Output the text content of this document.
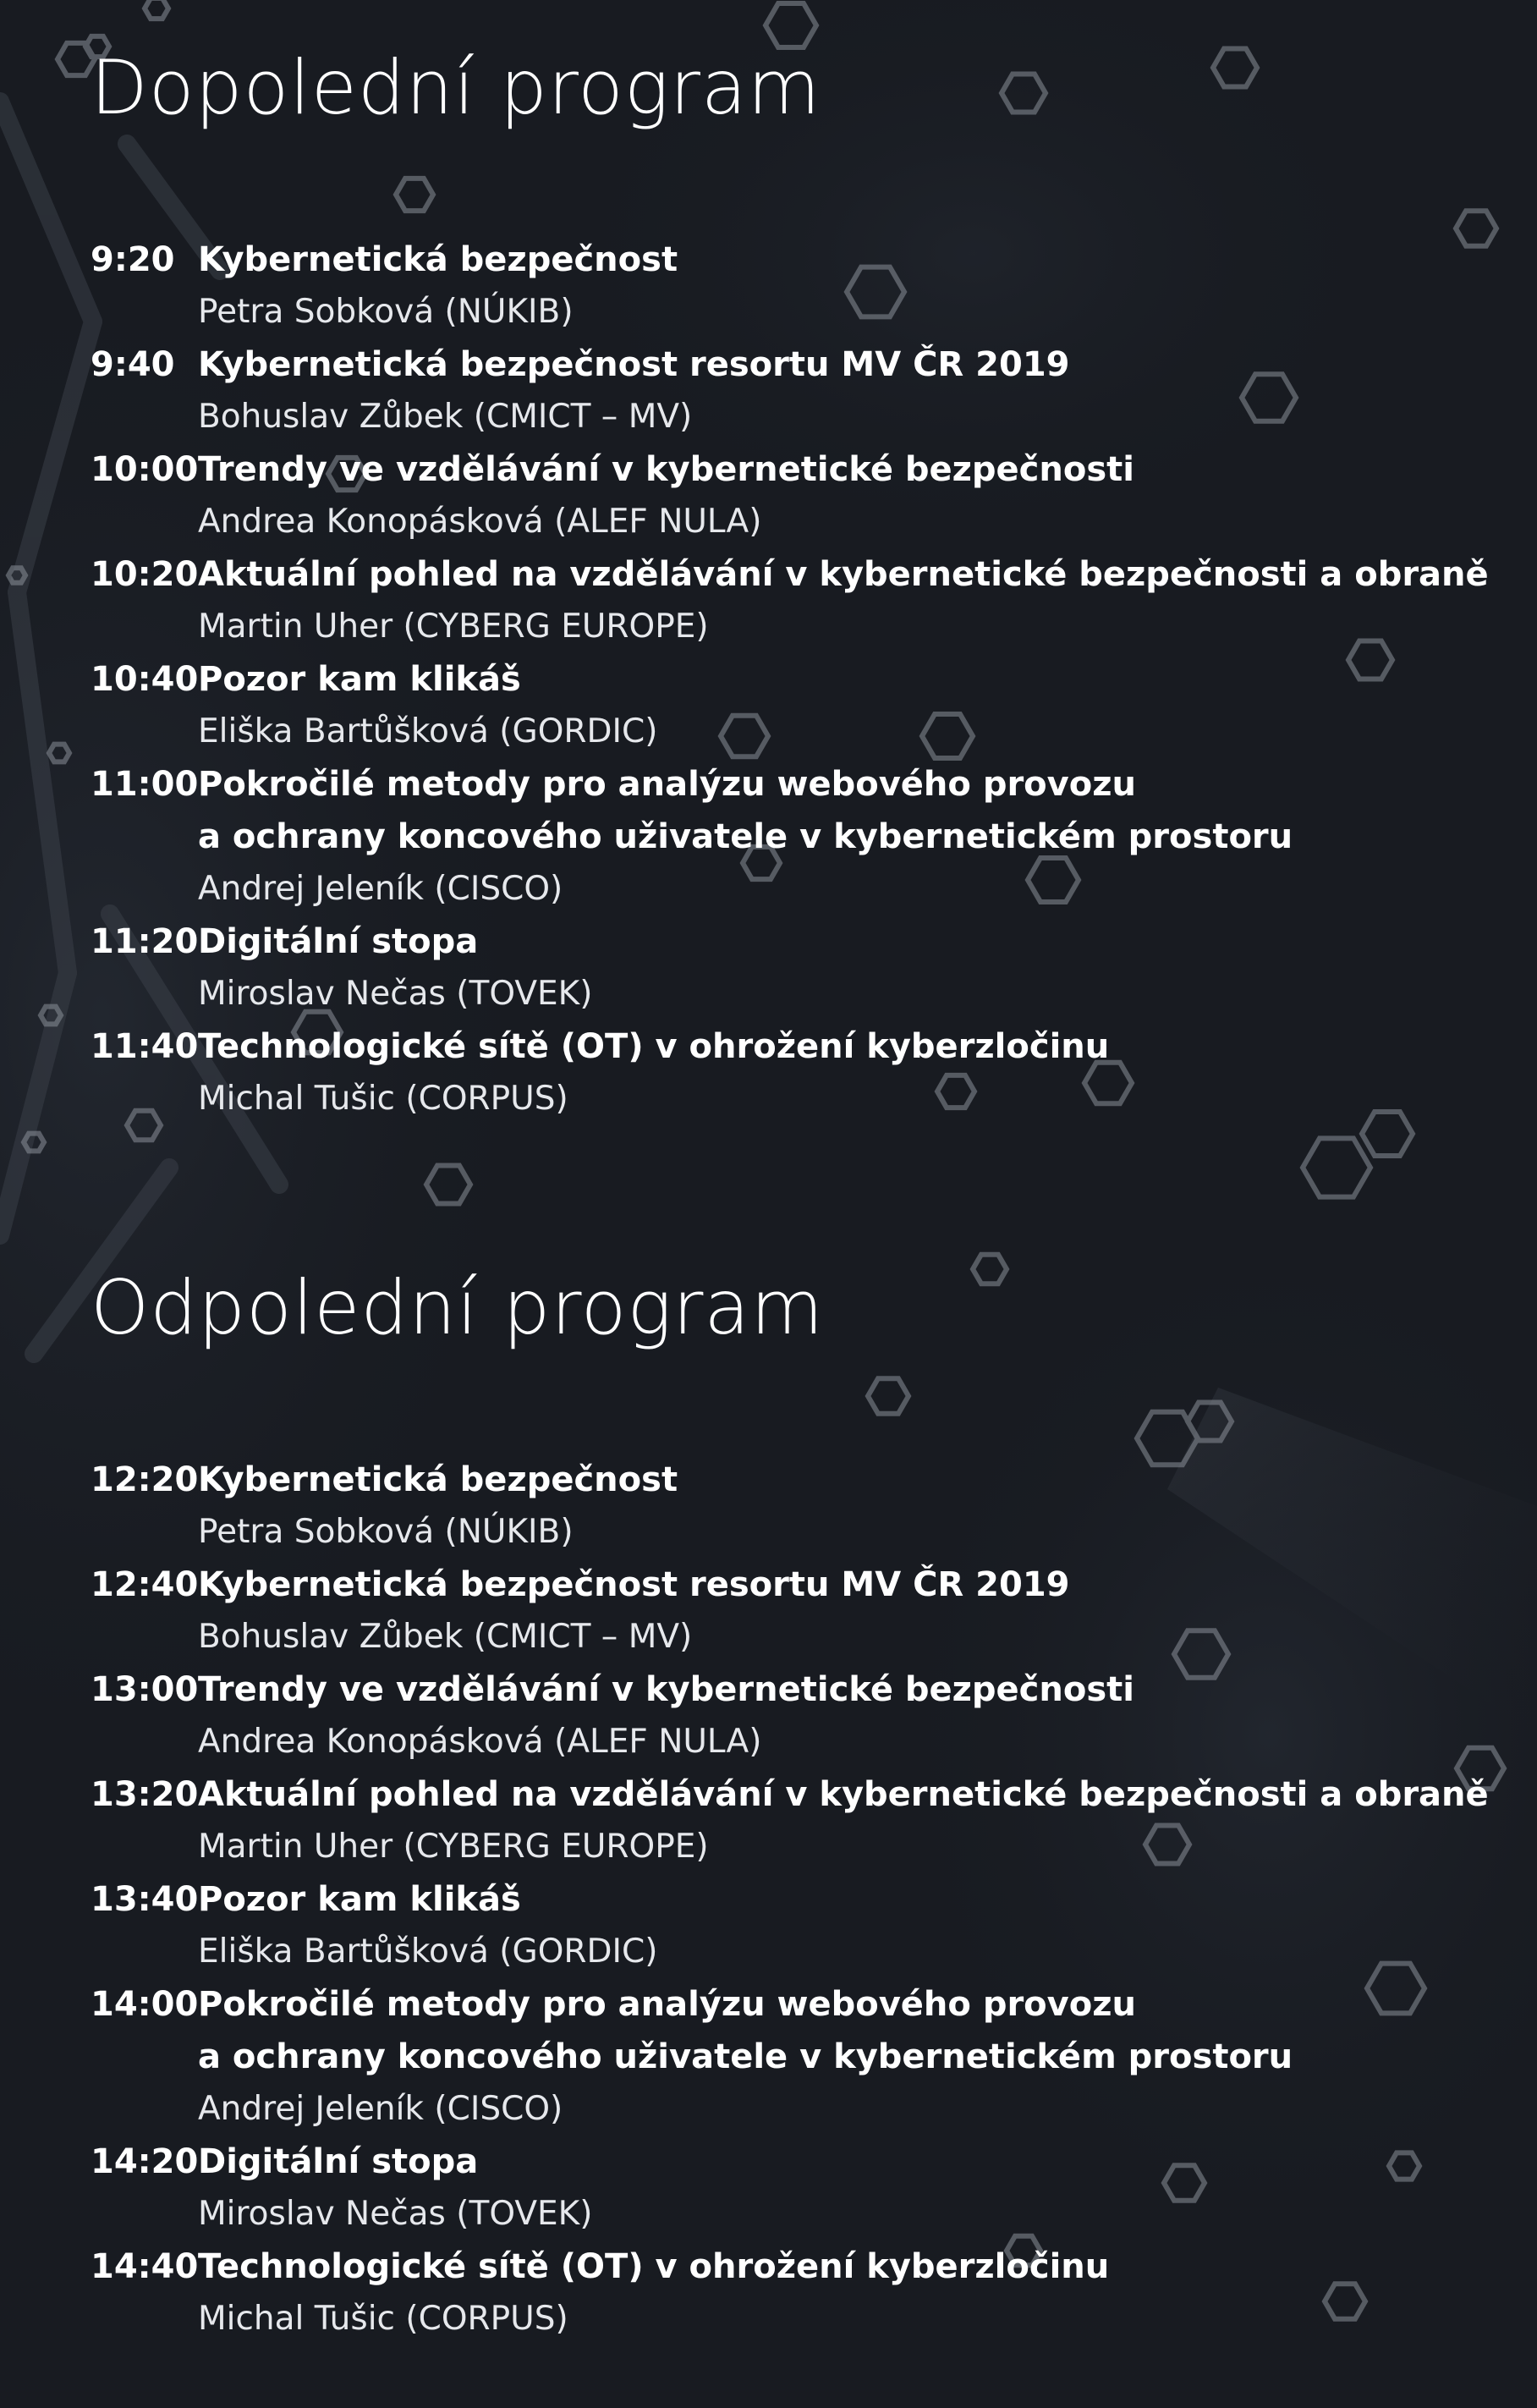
Dopolední program
9:20 Kybernetická bezpečnost
Petra Sobková (NÚKIB)
9:40 Kybernetická bezpečnost resortu MV ČR 2019
Bohuslav Zůbek (CMICT – MV)
10:00 Trendy ve vzdělávání v kybernetické bezpečnosti
Andrea Konopásková (ALEF NULA)
10:20 Aktuální pohled na vzdělávání v kybernetické bezpečnosti a obraně
Martin Uher (CYBERG EUROPE)
10:40 Pozor kam klikáš
Eliška Bartůšková (GORDIC)
11:00 Pokročilé metody pro analýzu webového provozu
a ochrany koncového uživatele v kybernetickém prostoru
Andrej Jeleník (CISCO)
11:20 Digitální stopa
Miroslav Nečas (TOVEK)
11:40 Technologické sítě (OT) v ohrožení kyberzločinu
Michal Tušic (CORPUS)
Odpolední program
12:20 Kybernetická bezpečnost
Petra Sobková (NÚKIB)
12:40 Kybernetická bezpečnost resortu MV ČR 2019
Bohuslav Zůbek (CMICT – MV)
13:00 Trendy ve vzdělávání v kybernetické bezpečnosti
Andrea Konopásková (ALEF NULA)
13:20 Aktuální pohled na vzdělávání v kybernetické bezpečnosti a obraně
Martin Uher (CYBERG EUROPE)
13:40 Pozor kam klikáš
Eliška Bartůšková (GORDIC)
14:00 Pokročilé metody pro analýzu webového provozu
a ochrany koncového uživatele v kybernetickém prostoru
Andrej Jeleník (CISCO)
14:20 Digitální stopa
Miroslav Nečas (TOVEK)
14:40 Technologické sítě (OT) v ohrožení kyberzločinu
Michal Tušic (CORPUS)
